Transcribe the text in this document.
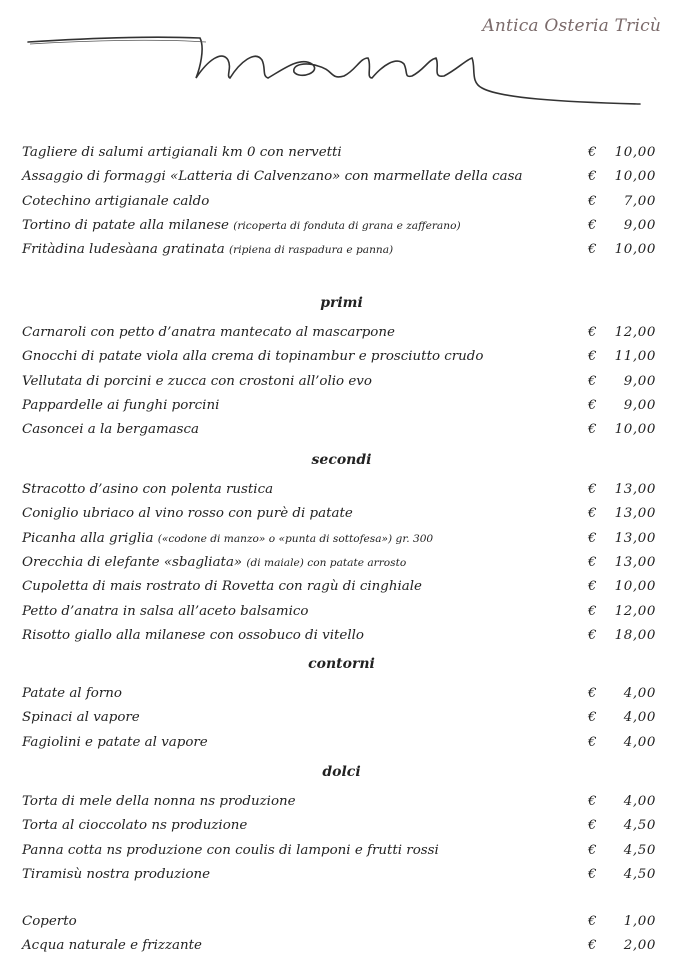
Antica Osteria Tricù
Tagliere di salumi artigianali km 0 con nervetti	€ 10,00
Assaggio di formaggi «Latteria di Calvenzano» con marmellate della casa	€ 10,00
Cotechino artigianale caldo	€ 7,00
Tortino di patate alla milanese (ricoperta di fonduta di grana e zafferano)	€ 9,00
Fritàdina ludesàana gratinata (ripiena di raspadura e panna)	€ 10,00
primi
Carnaroli con petto d’anatra mantecato al mascarpone	€ 12,00
Gnocchi di patate viola alla crema di topinambur e prosciutto crudo	€ 11,00
Vellutata di porcini e zucca con crostoni all’olio evo	€ 9,00
Pappardelle ai funghi porcini	€ 9,00
Casoncei a la bergamasca	€ 10,00
secondi
Stracotto d’asino con polenta rustica	€ 13,00
Coniglio ubriaco al vino rosso con purè di patate	€ 13,00
Picanha alla griglia («codone di manzo» o «punta di sottofesa») gr. 300	€ 13,00
Orecchia di elefante «sbagliata» (di maiale) con patate arrosto	€ 13,00
Cupoletta di mais rostrato di Rovetta con ragù di cinghiale	€ 10,00
Petto d’anatra in salsa all’aceto balsamico	€ 12,00
Risotto giallo alla milanese con ossobuco di vitello	€ 18,00
contorni
Patate al forno	€ 4,00
Spinaci al vapore	€ 4,00
Fagiolini e patate al vapore	€ 4,00
dolci
Torta di mele della nonna ns produzione	€ 4,00
Torta al cioccolato ns produzione	€ 4,50
Panna cotta ns produzione con coulis di lamponi e frutti rossi	€ 4,50
Tiramisù nostra produzione	€ 4,50
Coperto	€ 1,00
Acqua naturale e frizzante	€ 2,00
